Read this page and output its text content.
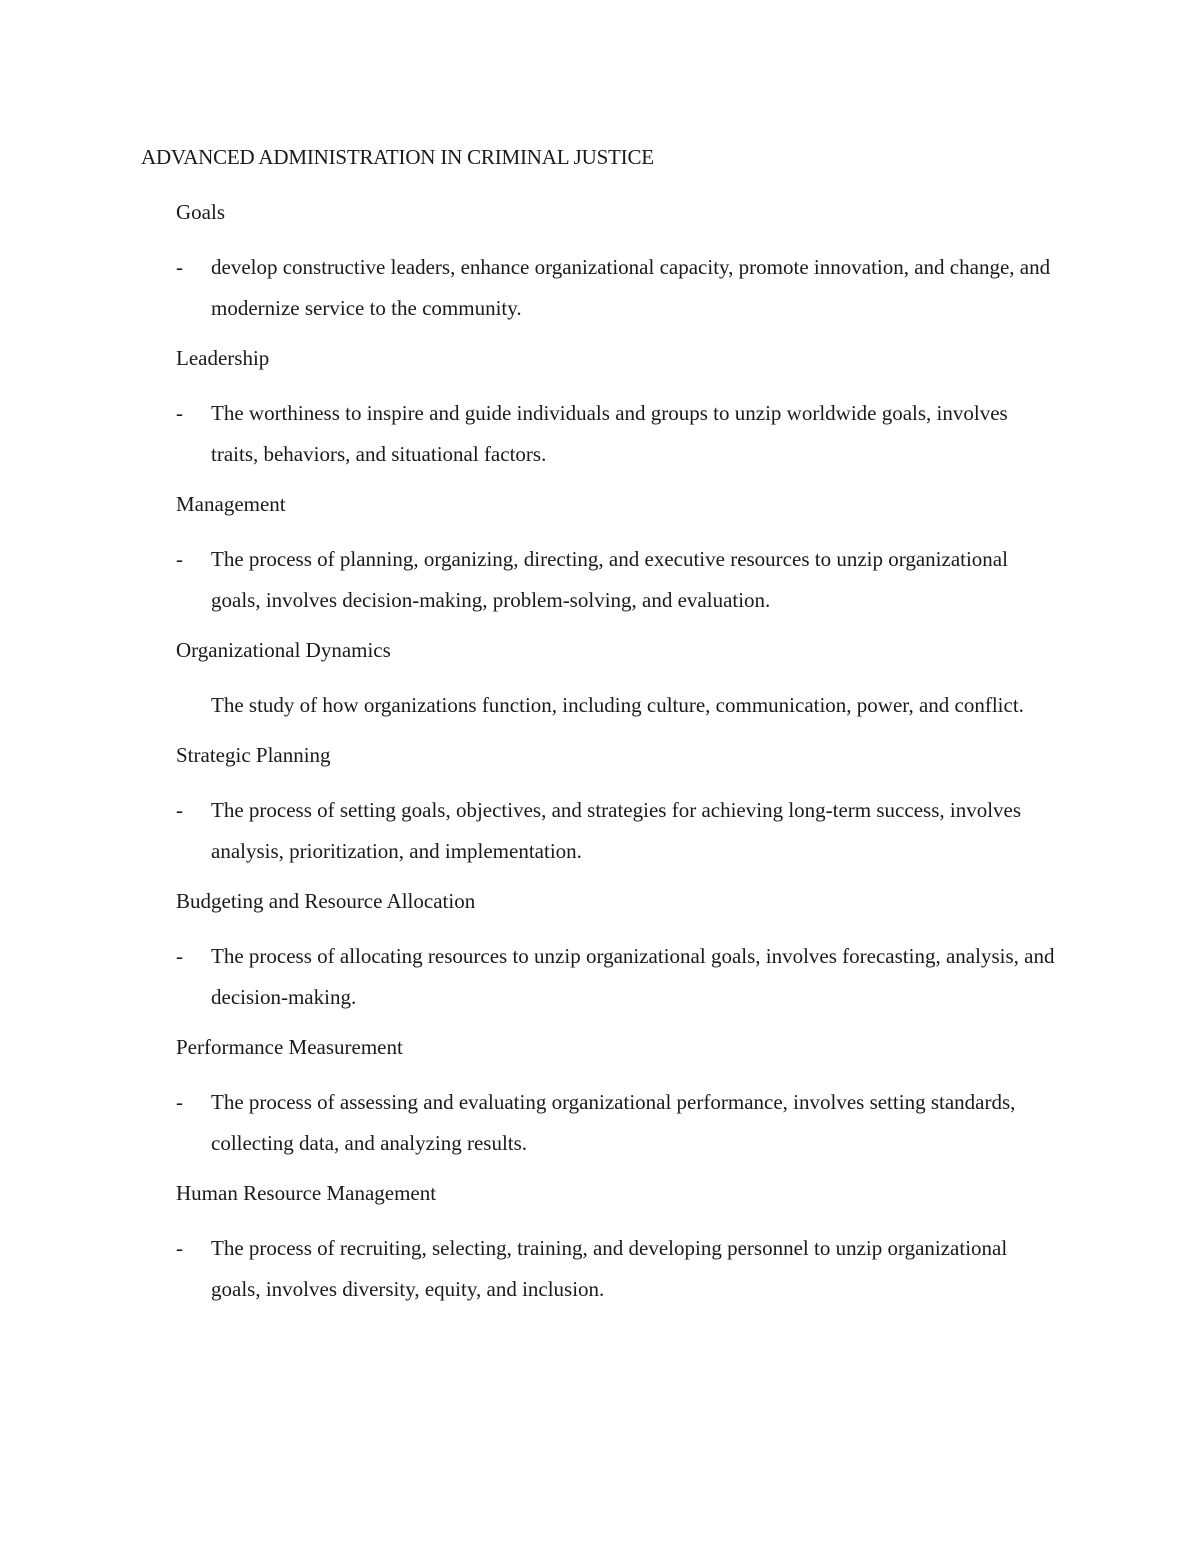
ADVANCED ADMINISTRATION IN CRIMINAL JUSTICE

Goals

-	develop constructive leaders, enhance organizational capacity, promote innovation, and change, and modernize service to the community.

Leadership

-	The worthiness to inspire and guide individuals and groups to unzip worldwide goals, involves traits, behaviors, and situational factors.

Management

-	The process of planning, organizing, directing, and executive resources to unzip organizational goals, involves decision-making, problem-solving, and evaluation.

Organizational Dynamics

The study of how organizations function, including culture, communication, power, and conflict.

Strategic Planning

-	The process of setting goals, objectives, and strategies for achieving long-term success, involves analysis, prioritization, and implementation.

Budgeting and Resource Allocation

-	The process of allocating resources to unzip organizational goals, involves forecasting, analysis, and decision-making.

Performance Measurement

-	The process of assessing and evaluating organizational performance, involves setting standards, collecting data, and analyzing results.

Human Resource Management

-	The process of recruiting, selecting, training, and developing personnel to unzip organizational goals, involves diversity, equity, and inclusion.
